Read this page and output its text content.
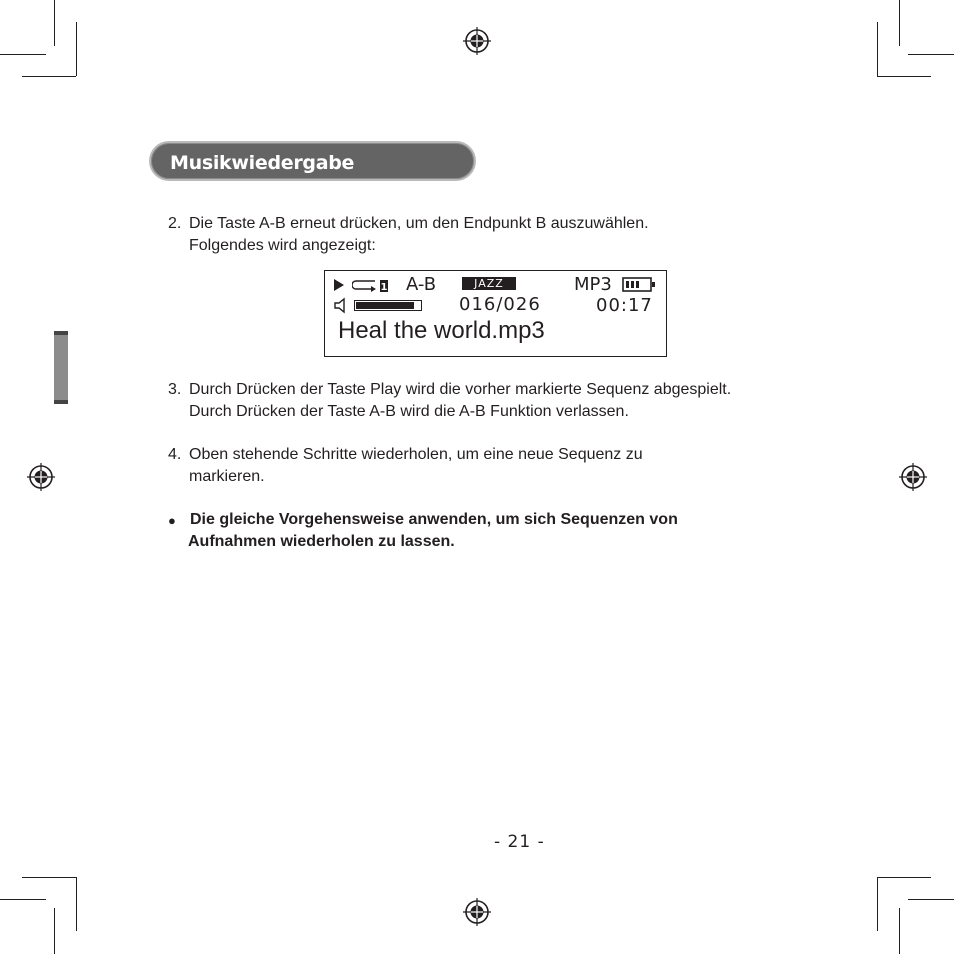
Musikwiedergabe
2. Die Taste A-B erneut drücken, um den Endpunkt B auszuwählen.
Folgendes wird angezeigt:
1 A-B	JAZZ	MP3
016/026	00:17
Heal the world.mp3
3. Durch Drücken der Taste Play wird die vorher markierte Sequenz abgespielt.
Durch Drücken der Taste A-B wird die A-B Funktion verlassen.
4. Oben stehende Schritte wiederholen, um eine neue Sequenz zu
markieren.
● Die gleiche Vorgehensweise anwenden, um sich Sequenzen von
Aufnahmen wiederholen zu lassen.
- 21 -
